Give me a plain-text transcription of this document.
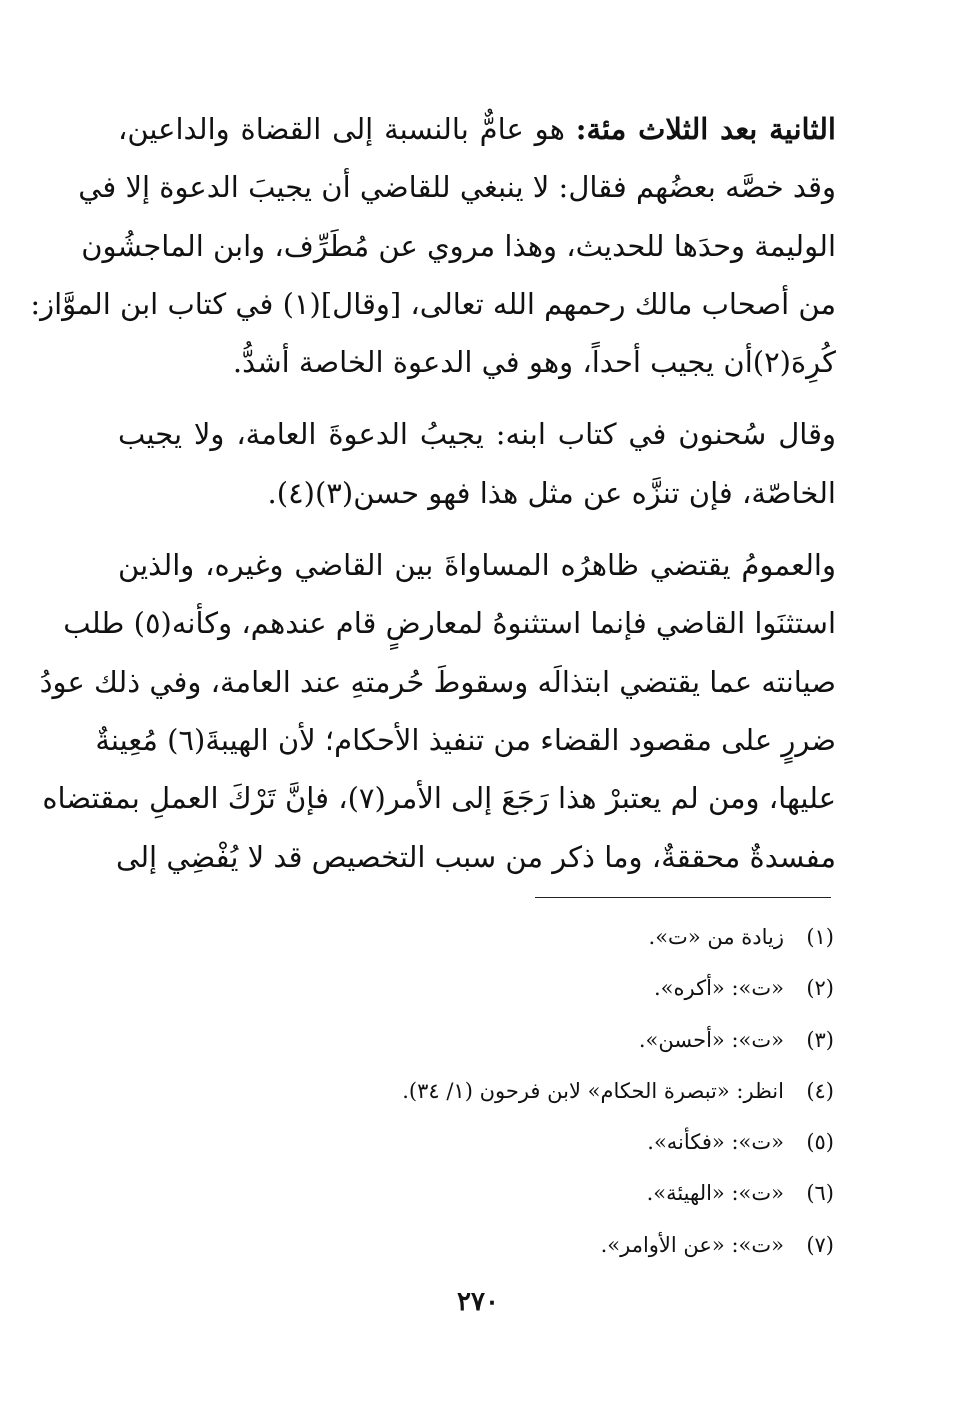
الثانية بعد الثلاث مئة: هو عامٌّ بالنسبة إلى القضاة والداعين،
وقد خصَّه بعضُهم فقال: لا ينبغي للقاضي أن يجيبَ الدعوة إلا في
الوليمة وحدَها للحديث، وهذا مروي عن مُطَرِّف، وابن الماجشُون
من أصحاب مالك رحمهم الله تعالى، [وقال](١) في كتاب ابن الموَّاز:
كُرِهَ(٢)أن يجيب أحداً، وهو في الدعوة الخاصة أشدُّ.
وقال سُحنون في كتاب ابنه: يجيبُ الدعوةَ العامة، ولا يجيب
الخاصّة، فإن تنزَّه عن مثل هذا فهو حسن(٣)(٤).
والعمومُ يقتضي ظاهرُه المساواةَ بين القاضي وغيره، والذين
استثنَوا القاضي فإنما استثنوهُ لمعارضٍ قام عندهم، وكأنه(٥) طلب
صيانته عما يقتضي ابتذالَه وسقوطَ حُرمتهِ عند العامة، وفي ذلك عودُ
ضررٍ على مقصود القضاء من تنفيذ الأحكام؛ لأن الهيبةَ(٦) مُعِينةٌ
عليها، ومن لم يعتبرْ هذا رَجَعَ إلى الأمر(٧)، فإنَّ تَرْكَ العملِ بمقتضاه
مفسدةٌ محققةٌ، وما ذكر من سبب التخصيص قد لا يُفْضِي إلى
(١)زيادة من «ت».
(٢)«ت»: «أكره».
(٣)«ت»: «أحسن».
(٤)انظر: «تبصرة الحكام» لابن فرحون (١/ ٣٤).
(٥)«ت»: «فكأنه».
(٦)«ت»: «الهيئة».
(٧)«ت»: «عن الأوامر».
٢٧٠
